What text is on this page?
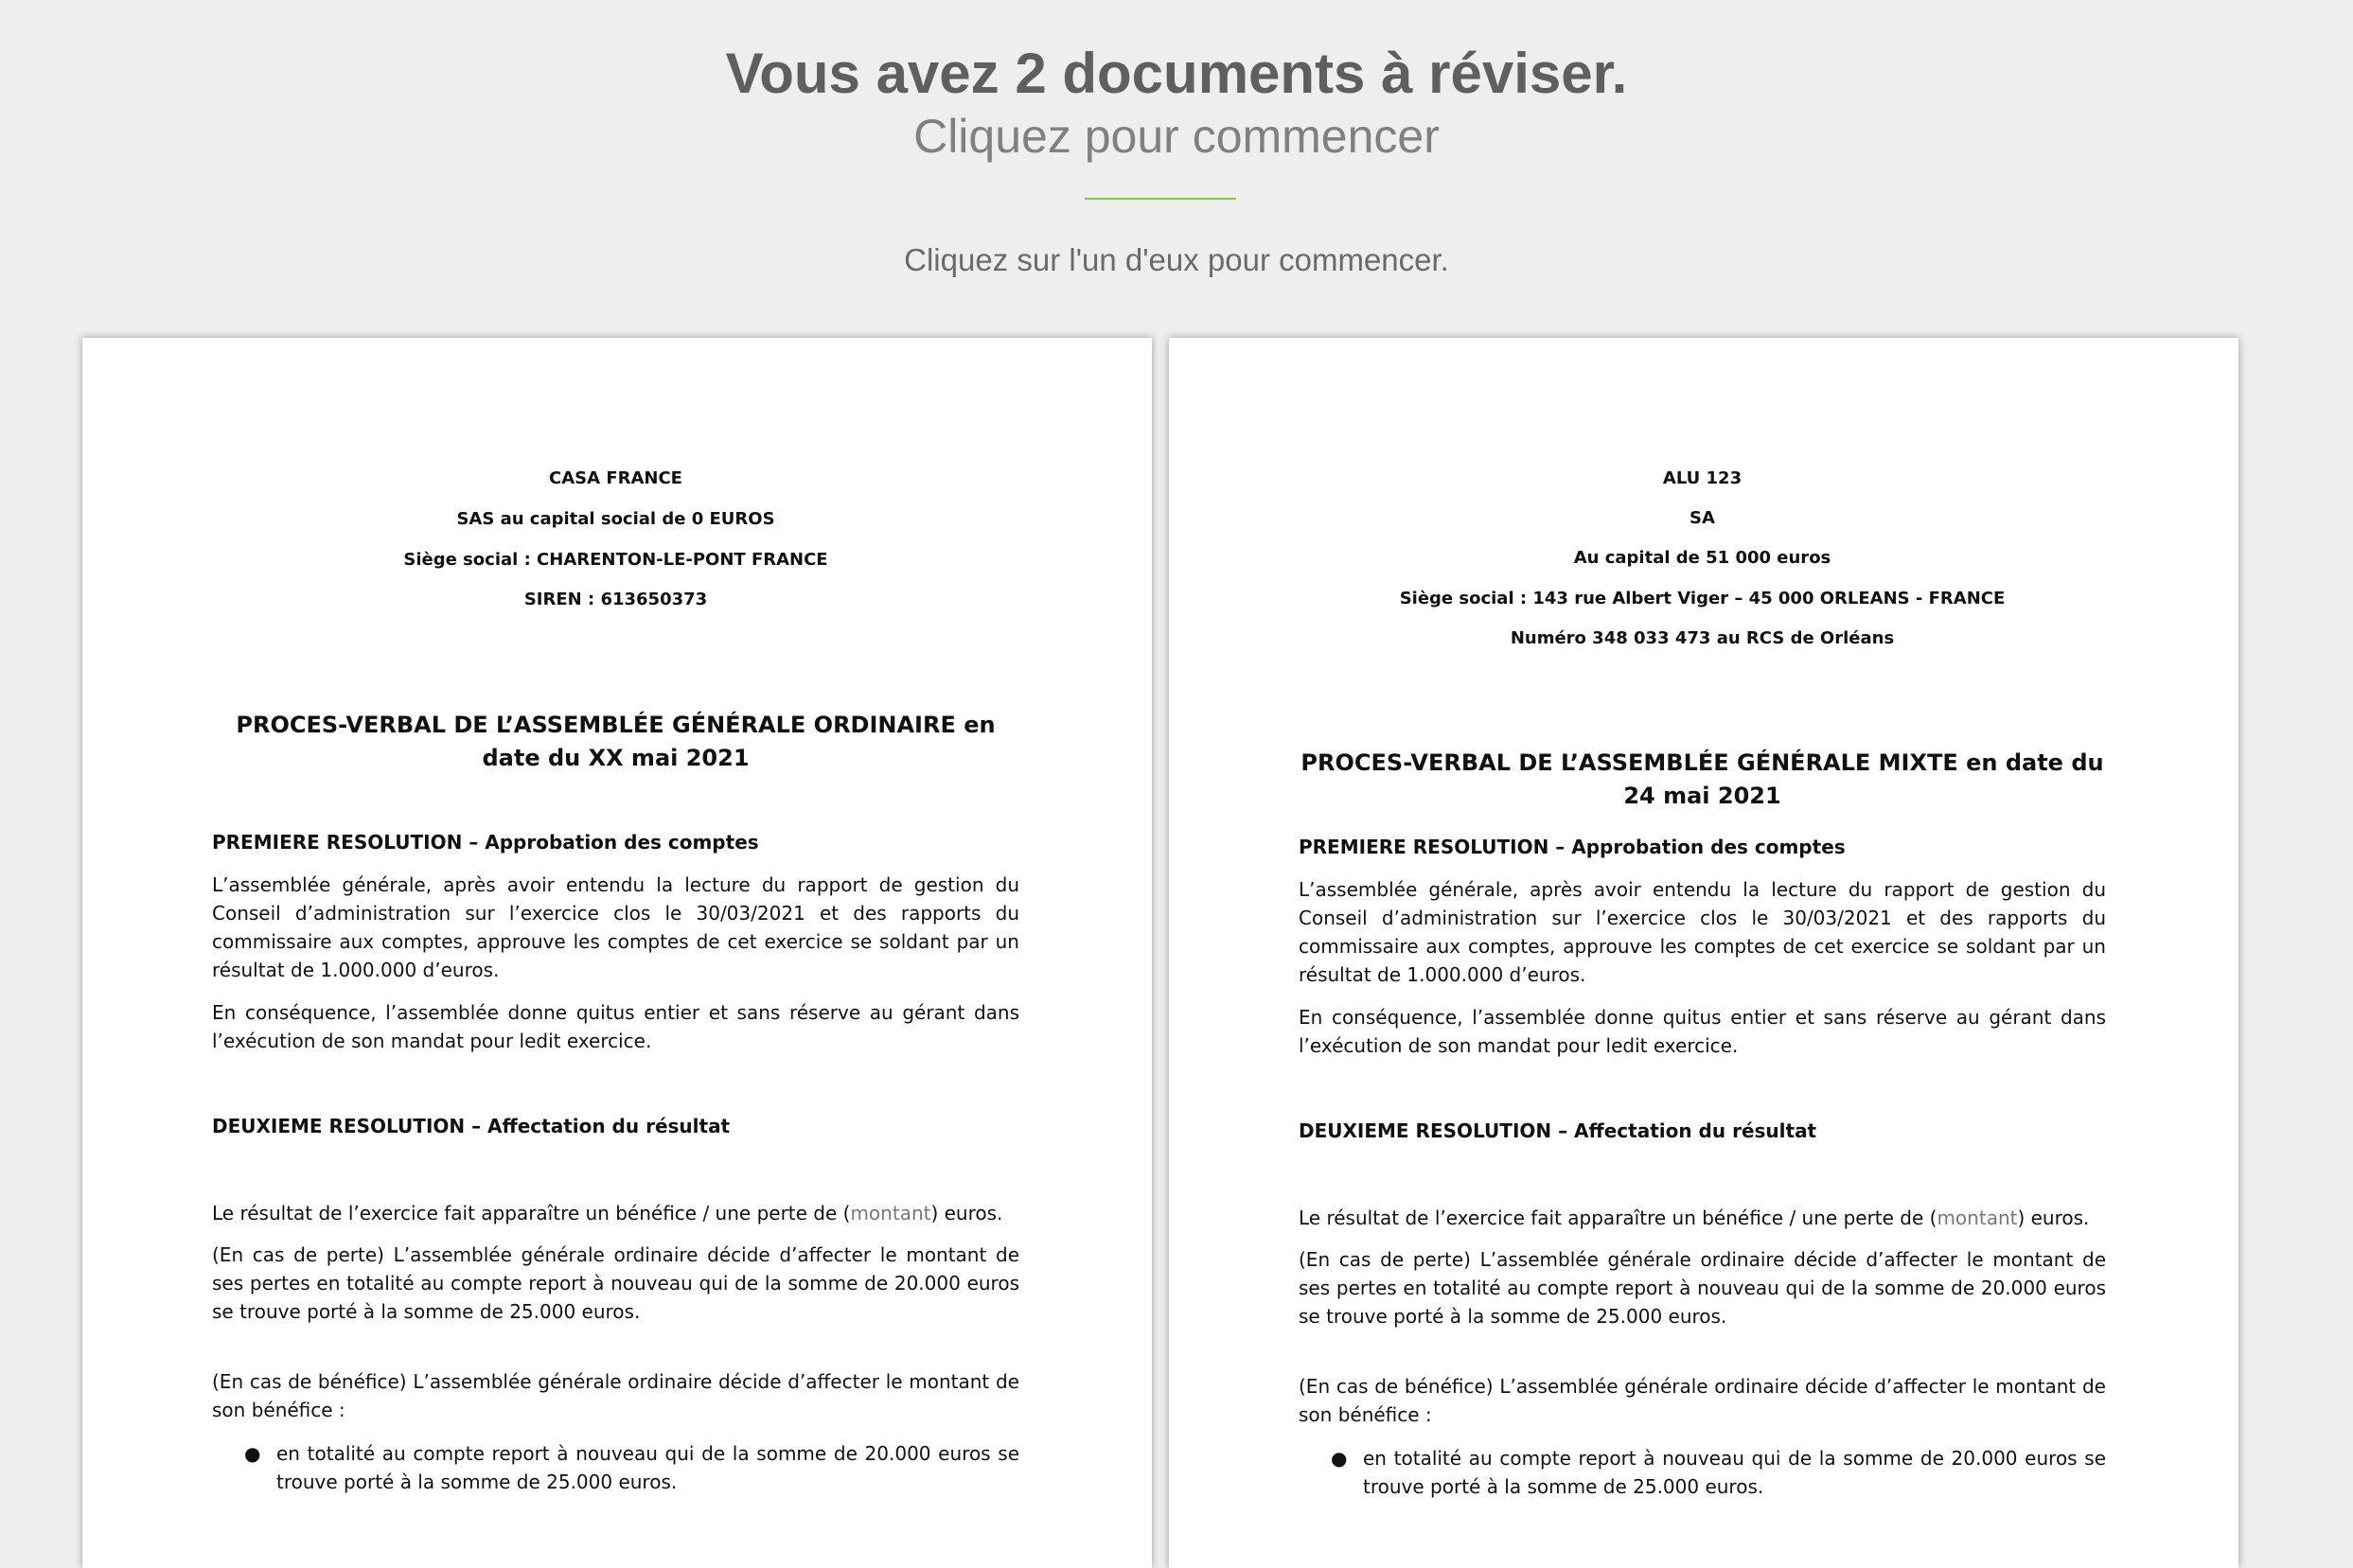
Vous avez 2 documents à réviser.
Cliquez pour commencer
Cliquez sur l'un d'eux pour commencer.
CASA FRANCE
SAS au capital social de 0 EUROS
Siège social : CHARENTON-LE-PONT FRANCE
SIREN : 613650373
PROCES-VERBAL DE L’ASSEMBLÉE GÉNÉRALE ORDINAIRE en date du XX mai 2021
PREMIERE RESOLUTION – Approbation des comptes
L’assemblée générale, après avoir entendu la lecture du rapport de gestion du Conseil d’administration sur l’exercice clos le 30/03/2021 et des rapports du commissaire aux comptes, approuve les comptes de cet exercice se soldant par un résultat de 1.000.000 d’euros.
En conséquence, l’assemblée donne quitus entier et sans réserve au gérant dans l’exécution de son mandat pour ledit exercice.
DEUXIEME RESOLUTION – Affectation du résultat
Le résultat de l’exercice fait apparaître un bénéfice / une perte de (montant) euros.
(En cas de perte) L’assemblée générale ordinaire décide d’affecter le montant de ses pertes en totalité au compte report à nouveau qui de la somme de 20.000 euros se trouve porté à la somme de 25.000 euros.
(En cas de bénéfice) L’assemblée générale ordinaire décide d’affecter le montant de son bénéfice :
● en totalité au compte report à nouveau qui de la somme de 20.000 euros se trouve porté à la somme de 25.000 euros.
ALU 123
SA
Au capital de 51 000 euros
Siège social : 143 rue Albert Viger – 45 000 ORLEANS - FRANCE
Numéro 348 033 473 au RCS de Orléans
PROCES-VERBAL DE L’ASSEMBLÉE GÉNÉRALE MIXTE en date du 24 mai 2021
PREMIERE RESOLUTION – Approbation des comptes
L’assemblée générale, après avoir entendu la lecture du rapport de gestion du Conseil d’administration sur l’exercice clos le 30/03/2021 et des rapports du commissaire aux comptes, approuve les comptes de cet exercice se soldant par un résultat de 1.000.000 d’euros.
En conséquence, l’assemblée donne quitus entier et sans réserve au gérant dans l’exécution de son mandat pour ledit exercice.
DEUXIEME RESOLUTION – Affectation du résultat
Le résultat de l’exercice fait apparaître un bénéfice / une perte de (montant) euros.
(En cas de perte) L’assemblée générale ordinaire décide d’affecter le montant de ses pertes en totalité au compte report à nouveau qui de la somme de 20.000 euros se trouve porté à la somme de 25.000 euros.
(En cas de bénéfice) L’assemblée générale ordinaire décide d’affecter le montant de son bénéfice :
● en totalité au compte report à nouveau qui de la somme de 20.000 euros se trouve porté à la somme de 25.000 euros.
